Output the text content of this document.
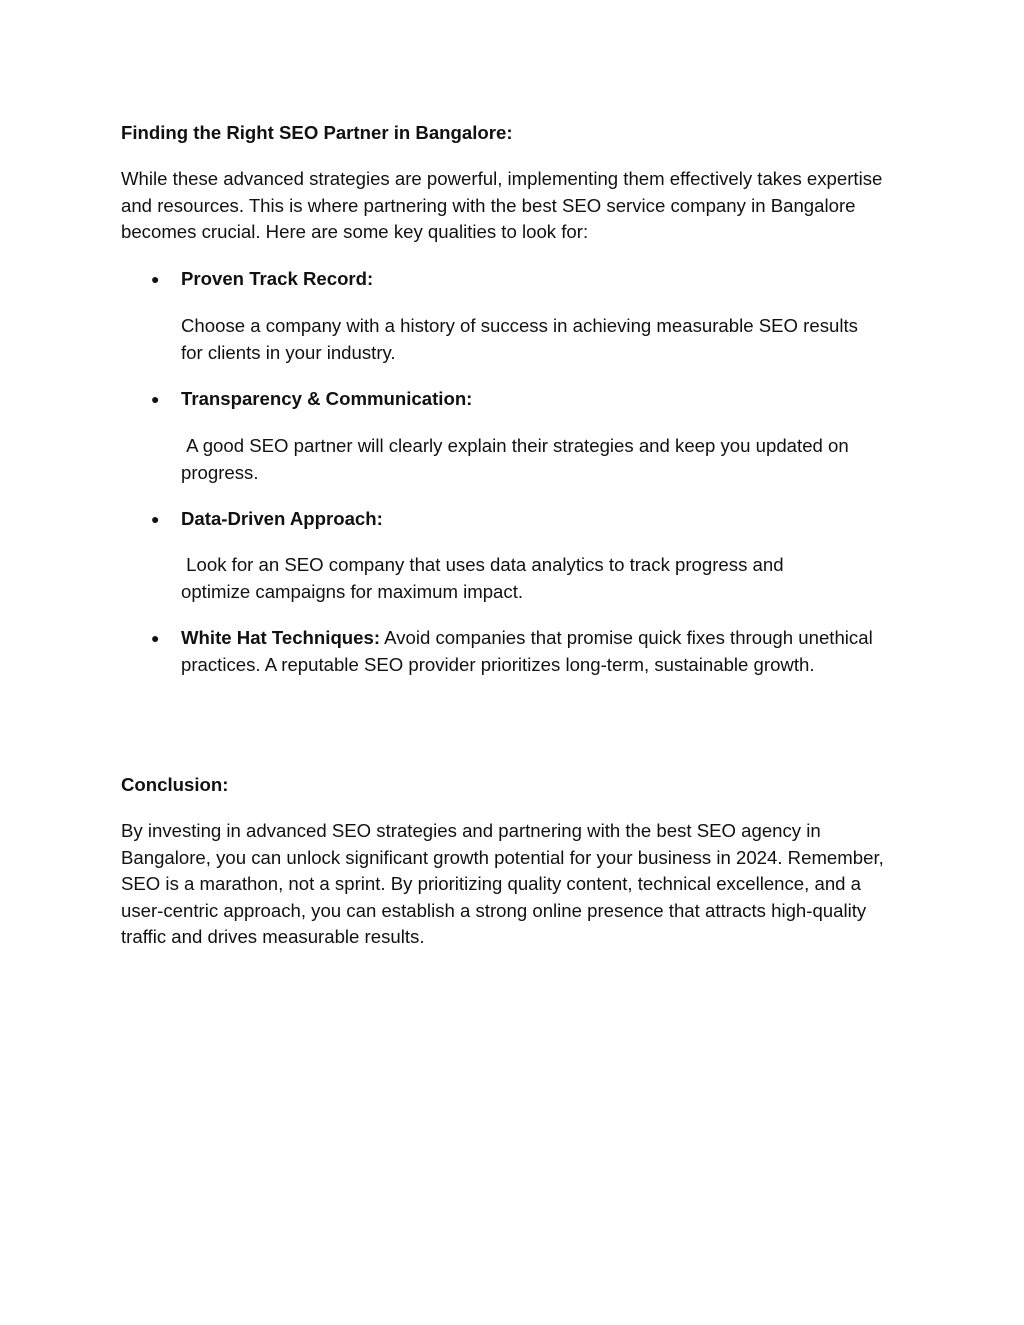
Finding the Right SEO Partner in Bangalore:
While these advanced strategies are powerful, implementing them effectively takes expertise and resources. This is where partnering with the best SEO service company in Bangalore becomes crucial. Here are some key qualities to look for:
● Proven Track Record:
Choose a company with a history of success in achieving measurable SEO results for clients in your industry.
● Transparency & Communication:
A good SEO partner will clearly explain their strategies and keep you updated on progress.
● Data-Driven Approach:
Look for an SEO company that uses data analytics to track progress and optimize campaigns for maximum impact.
● White Hat Techniques: Avoid companies that promise quick fixes through unethical practices. A reputable SEO provider prioritizes long-term, sustainable growth.
Conclusion:
By investing in advanced SEO strategies and partnering with the best SEO agency in Bangalore, you can unlock significant growth potential for your business in 2024. Remember, SEO is a marathon, not a sprint. By prioritizing quality content, technical excellence, and a user-centric approach, you can establish a strong online presence that attracts high-quality traffic and drives measurable results.
